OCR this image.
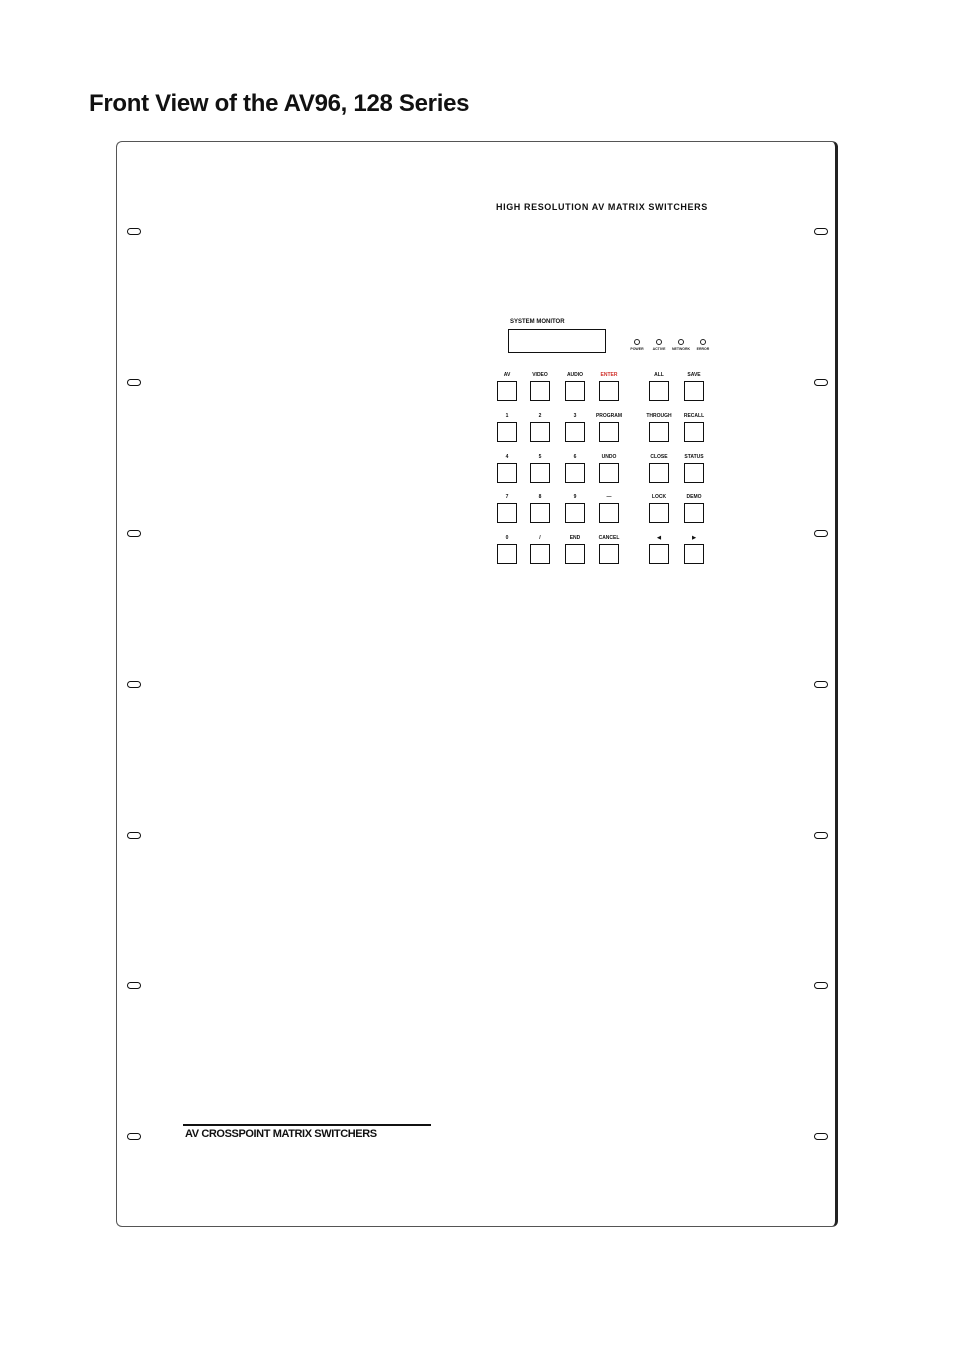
Front View of the AV96, 128 Series
HIGH RESOLUTION AV MATRIX SWITCHERS
SYSTEM MONITOR
POWER	ACTIVE	NETWORK	ERROR
AV	VIDEO	AUDIO	ENTER
1	2	3	PROGRAM
4	5	6	UNDO
7	8	9	—
0	/	END	CANCEL
ALL	SAVE
THROUGH	RECALL
CLOSE	STATUS
LOCK	DEMO
◀	▶
AV CROSSPOINT MATRIX SWITCHERS
